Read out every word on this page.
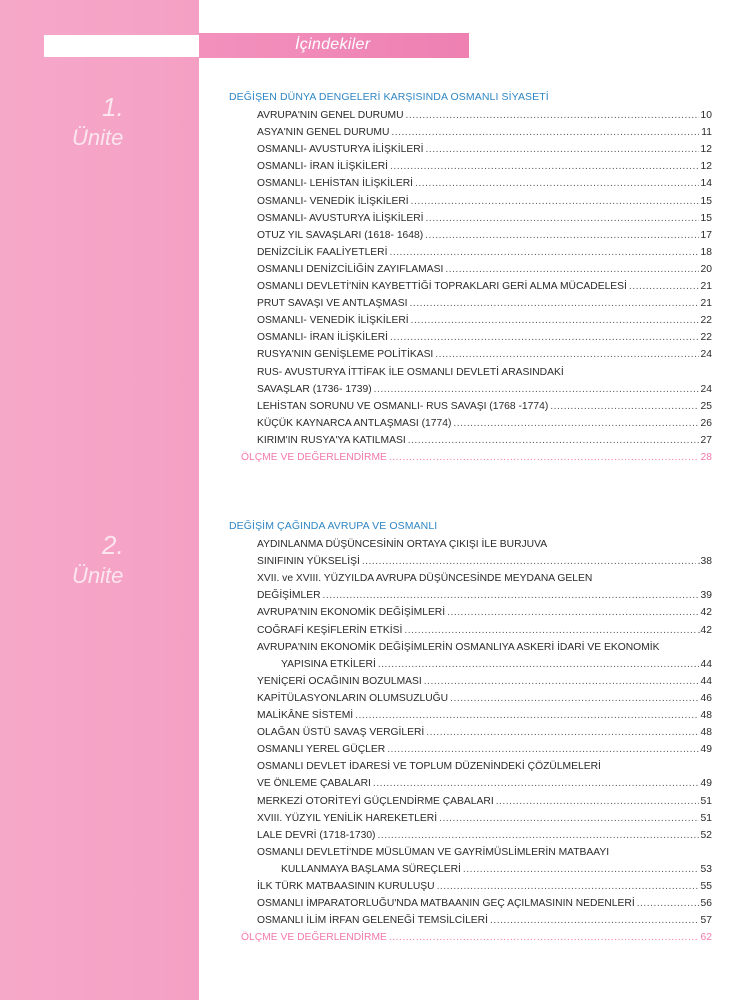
1.
Ünite
2.
Ünite
İçindekiler
DEĞİŞEN DÜNYA DENGELERİ KARŞISINDA OSMANLI SİYASETİ
AVRUPA'NIN GENEL DURUMU .....	10
ASYA'NIN GENEL DURUMU .....	11
OSMANLI- AVUSTURYA İLİŞKİLERİ .....	12
OSMANLI- İRAN İLİŞKİLERİ .....	12
OSMANLI- LEHİSTAN İLİŞKİLERİ .....	14
OSMANLI- VENEDİK İLİŞKİLERİ .....	15
OSMANLI- AVUSTURYA İLİŞKİLERİ .....	15
OTUZ YIL SAVAŞLARI (1618- 1648) .....	17
DENİZCİLİK FAALİYETLERİ .....	18
OSMANLI DENİZCİLİĞİN ZAYIFLAMASI .....	20
OSMANLI DEVLETİ'NİN KAYBETTİĞİ TOPRAKLARI GERİ ALMA MÜCADELESİ .....	21
PRUT SAVAŞI VE ANTLAŞMASI .....	21
OSMANLI- VENEDİK İLİŞKİLERİ .....	22
OSMANLI- İRAN İLİŞKİLERİ .....	22
RUSYA'NIN GENİŞLEME POLİTİKASI .....	24
RUS- AVUSTURYA İTTİFAK İLE OSMANLI DEVLETİ ARASINDAKİ
SAVAŞLAR (1736- 1739) .....	24
LEHİSTAN SORUNU VE OSMANLI- RUS SAVAŞI (1768 -1774) .....	25
KÜÇÜK KAYNARCA ANTLAŞMASI (1774) .....	26
KIRIM'IN RUSYA'YA KATILMASI .....	27
ÖLÇME VE DEĞERLENDİRME .....	28
DEĞİŞİM ÇAĞINDA AVRUPA VE OSMANLI
AYDINLANMA DÜŞÜNCESİNİN ORTAYA ÇIKIŞI İLE BURJUVA
SINIFININ YÜKSELİŞİ .....	.38
XVII. ve XVIII. YÜZYILDA AVRUPA DÜŞÜNCESİNDE MEYDANA GELEN
DEĞİŞİMLER .....	39
AVRUPA'NIN EKONOMİK DEĞİŞİMLERİ .....	42
COĞRAFİ KEŞİFLERİN ETKİSİ .....	.42
AVRUPA'NIN EKONOMİK DEĞİŞİMLERİN OSMANLIYA ASKERİ İDARİ VE EKONOMİK
YAPISINA ETKİLERİ .....	44
YENİÇERİ OCAĞININ BOZULMASI .....	44
KAPİTÜLASYONLARIN OLUMSUZLUĞU .....	46
MALİKÂNE SİSTEMİ .....	48
OLAĞAN ÜSTÜ SAVAŞ VERGİLERİ .....	48
OSMANLI YEREL GÜÇLER .....	49
OSMANLI DEVLET İDARESİ VE TOPLUM DÜZENİNDEKİ ÇÖZÜLMELERİ
VE ÖNLEME ÇABALARI .....	49
MERKEZİ OTORİTEYİ GÜÇLENDİRME ÇABALARI .....	51
XVIII. YÜZYIL YENİLİK HAREKETLERİ .....	51
LALE DEVRİ (1718-1730) .....	52
OSMANLI DEVLETİ'NDE MÜSLÜMAN VE GAYRİMÜSLİMLERİN MATBAAYI
KULLANMAYA BAŞLAMA SÜREÇLERİ .....	53
İLK TÜRK MATBAASININ KURULUŞU .....	55
OSMANLI İMPARATORLUĞU'NDA MATBAANIN GEÇ AÇILMASININ NEDENLERİ .....	56
OSMANLI İLİM İRFAN GELENEĞİ TEMSİLCİLERİ .....	57
ÖLÇME VE DEĞERLENDİRME .....	62
